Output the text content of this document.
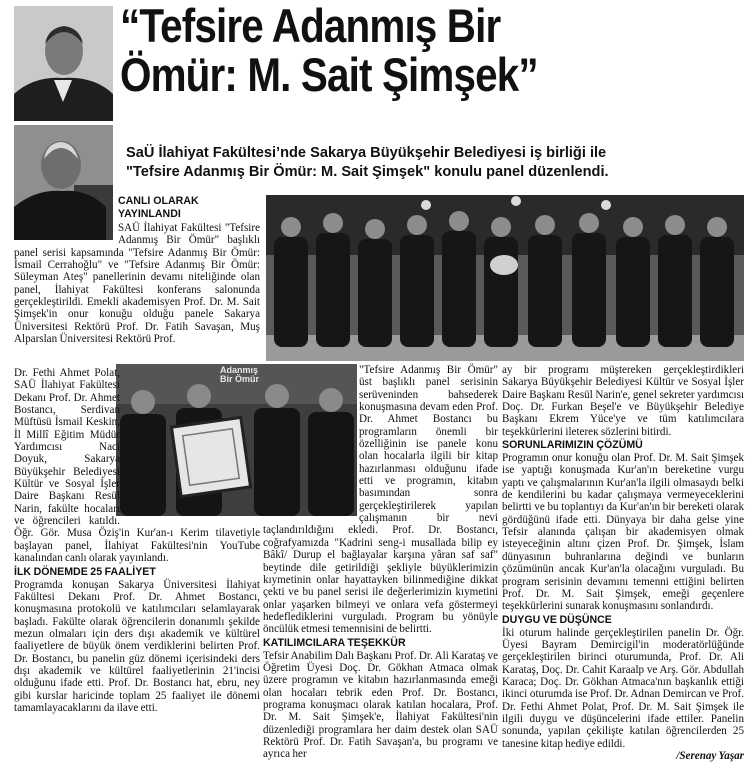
“Tefsire Adanmış Bir
Ömür: M. Sait Şimşek”
SaÜ İlahiyat Fakültesi’nde Sakarya Büyükşehir Belediyesi iş birliği ile
"Tefsire Adanmış Bir Ömür: M. Sait Şimşek" konulu panel düzenlendi.
CANLI OLARAK
YAYINLANDI

SAÜ İlahiyat Fakültesi "Tefsire Adanmış Bir Ömür" başlıklı panel serisi kapsamında "Tefsire Adanmış Bir Ömür: İsmail Cerrahoğlu" ve "Tefsire Adanmış Bir Ömür: Süleyman Ateş" panellerinin devamı niteliğinde olan panel, İlahiyat Fakültesi konferans salonunda gerçekleştirildi. Emekli akademisyen Prof. Dr. M. Sait Şimşek'in onur konuğu olduğu panele Sakarya Üniversitesi Rektörü Prof. Dr. Fatih Savaşan, Muş Alparslan Üniversitesi Rektörü Prof.

Adanmış
Bir Ömür

Dr. Fethi Ahmet Polat, SAÜ İlahiyat Fakültesi Dekanı Prof. Dr. Ahmet Bostancı, Serdivan Müftüsü İsmail Keskin, İl Millî Eğitim Müdür Yardımcısı Naci Doyuk, Sakarya Büyükşehir Belediyesi Kültür ve Sosyal İşler Daire Başkanı Resül Narin, fakülte hocaları ve öğrencileri katıldı. Öğr. Gör. Musa Öziş'in Kur'an-ı Kerim tilavetiyle başlayan panel, İlahiyat Fakültesi'nin YouTube kanalından canlı olarak yayınlandı.

İLK DÖNEMDE 25 FAALİYET

Programda konuşan Sakarya Üniversitesi İlahiyat Fakültesi Dekanı Prof. Dr. Ahmet Bostancı, konuşmasına protokolü ve katılımcıları selamlayarak başladı. Fakülte olarak öğrencilerin donanımlı şekilde mezun olmaları için ders dışı akademik ve kültürel faaliyetlere de büyük önem verdiklerini belirten Prof. Dr. Bostancı, bu panelin güz dönemi içerisindeki ders dışı akademik ve kültürel faaliyetlerinin 21'incisi olduğunu ifade etti. Prof. Dr. Bostancı hat, ebru, ney gibi kurslar haricinde toplam 25 faaliyet ile dönemi tamamlayacaklarını da ilave etti.

"Tefsire Adanmış Bir Ömür" üst başlıklı panel serisinin serüveninden bahsederek konuşmasına devam eden Prof. Dr. Ahmet Bostancı bu programların önemli bir özelliğinin ise panele konu olan hocalarla ilgili bir kitap hazırlanması olduğunu ifade etti ve programın, kitabın basımından sonra gerçekleştirilerek yapılan çalışmanın bir nevi taçlandırıldığını ekledi. Prof. Dr. Bostancı, coğrafyamızda "Kadrini seng-i musallada bilip ey Bâkî/ Durup el bağlayalar karşına yâran saf saf" beytinde dile getirildiği şekliyle büyüklerimizin kıymetinin onlar hayattayken bilinmediğine dikkat çekti ve bu panel serisi ile değerlerimizin kıymetini onlar yaşarken bilmeyi ve onlara vefa göstermeyi hedeflediklerini vurguladı. Program bu yönüyle öncülük etmesi temennisini de belirtti.

KATILIMCILARA TEŞEKKÜR

Tefsir Anabilim Dalı Başkanı Prof. Dr. Ali Karataş ve Öğretim Üyesi Doç. Dr. Gökhan Atmaca olmak üzere programın ve kitabın hazırlanmasında emeği olan hocaları tebrik eden Prof. Dr. Bostancı, programa konuşmacı olarak katılan hocalara, Prof. Dr. M. Sait Şimşek'e, İlahiyat Fakültesi'nin düzenlediği programlara her daim destek olan SAÜ Rektörü Prof. Dr. Fatih Savaşan'a, bu programı ve ayrıca her

ay bir programı müştereken gerçekleştirdikleri Sakarya Büyükşehir Belediyesi Kültür ve Sosyal İşler Daire Başkanı Resül Narin'e, genel sekreter yardımcısı Doç. Dr. Furkan Beşel'e ve Büyükşehir Belediye Başkanı Ekrem Yüce'ye ve tüm katılımcılara teşekkürlerini iletereк sözlerini bitirdi.

SORUNLARIMIZIN ÇÖZÜMÜ

Programın onur konuğu olan Prof. Dr. M. Sait Şimşek ise yaptığı konuşmada Kur'an'ın bereketine vurgu yaptı ve çalışmalarının Kur'an'la ilgili olmasaydı belki de kendilerini bu kadar çalışmaya vermeyeceklerini belirtti ve bu toplantıyı da Kur'an'ın bir bereketi olarak gördüğünü ifade etti. Dünyaya bir daha gelse yine Tefsir alanında çalışan bir akademisyen olmak isteyeceğinin altını çizen Prof. Dr. Şimşek, İslam dünyasının buhranlarına değindi ve bunların çözümünün ancak Kur'an'la olacağını vurguladı. Bu program serisinin devamını temenni ettiğini belirten Prof. Dr. M. Sait Şimşek, emeği geçenlere teşekkürlerini sunarak konuşmasını sonlandırdı.

DUYGU VE DÜŞÜNCE

İki oturum halinde gerçekleştirilen panelin Dr. Öğr. Üyesi Bayram Demircigil'in moderatörlüğünde gerçekleştirilen birinci oturumunda, Prof. Dr. Ali Karataş, Doç. Dr. Cahit Karaalp ve Arş. Gör. Abdullah Karaca; Doç. Dr. Gökhan Atmaca'nın başkanlık ettiği ikinci oturumda ise Prof. Dr. Adnan Demircan ve Prof. Dr. Fethi Ahmet Polat, Prof. Dr. M. Sait Şimşek ile ilgili duygu ve düşüncelerini ifade ettiler. Panelin sonunda, yapılan çekilişte katılan öğrencilerden 25 tanesine kitap hediye edildi.

/Serenay Yaşar
